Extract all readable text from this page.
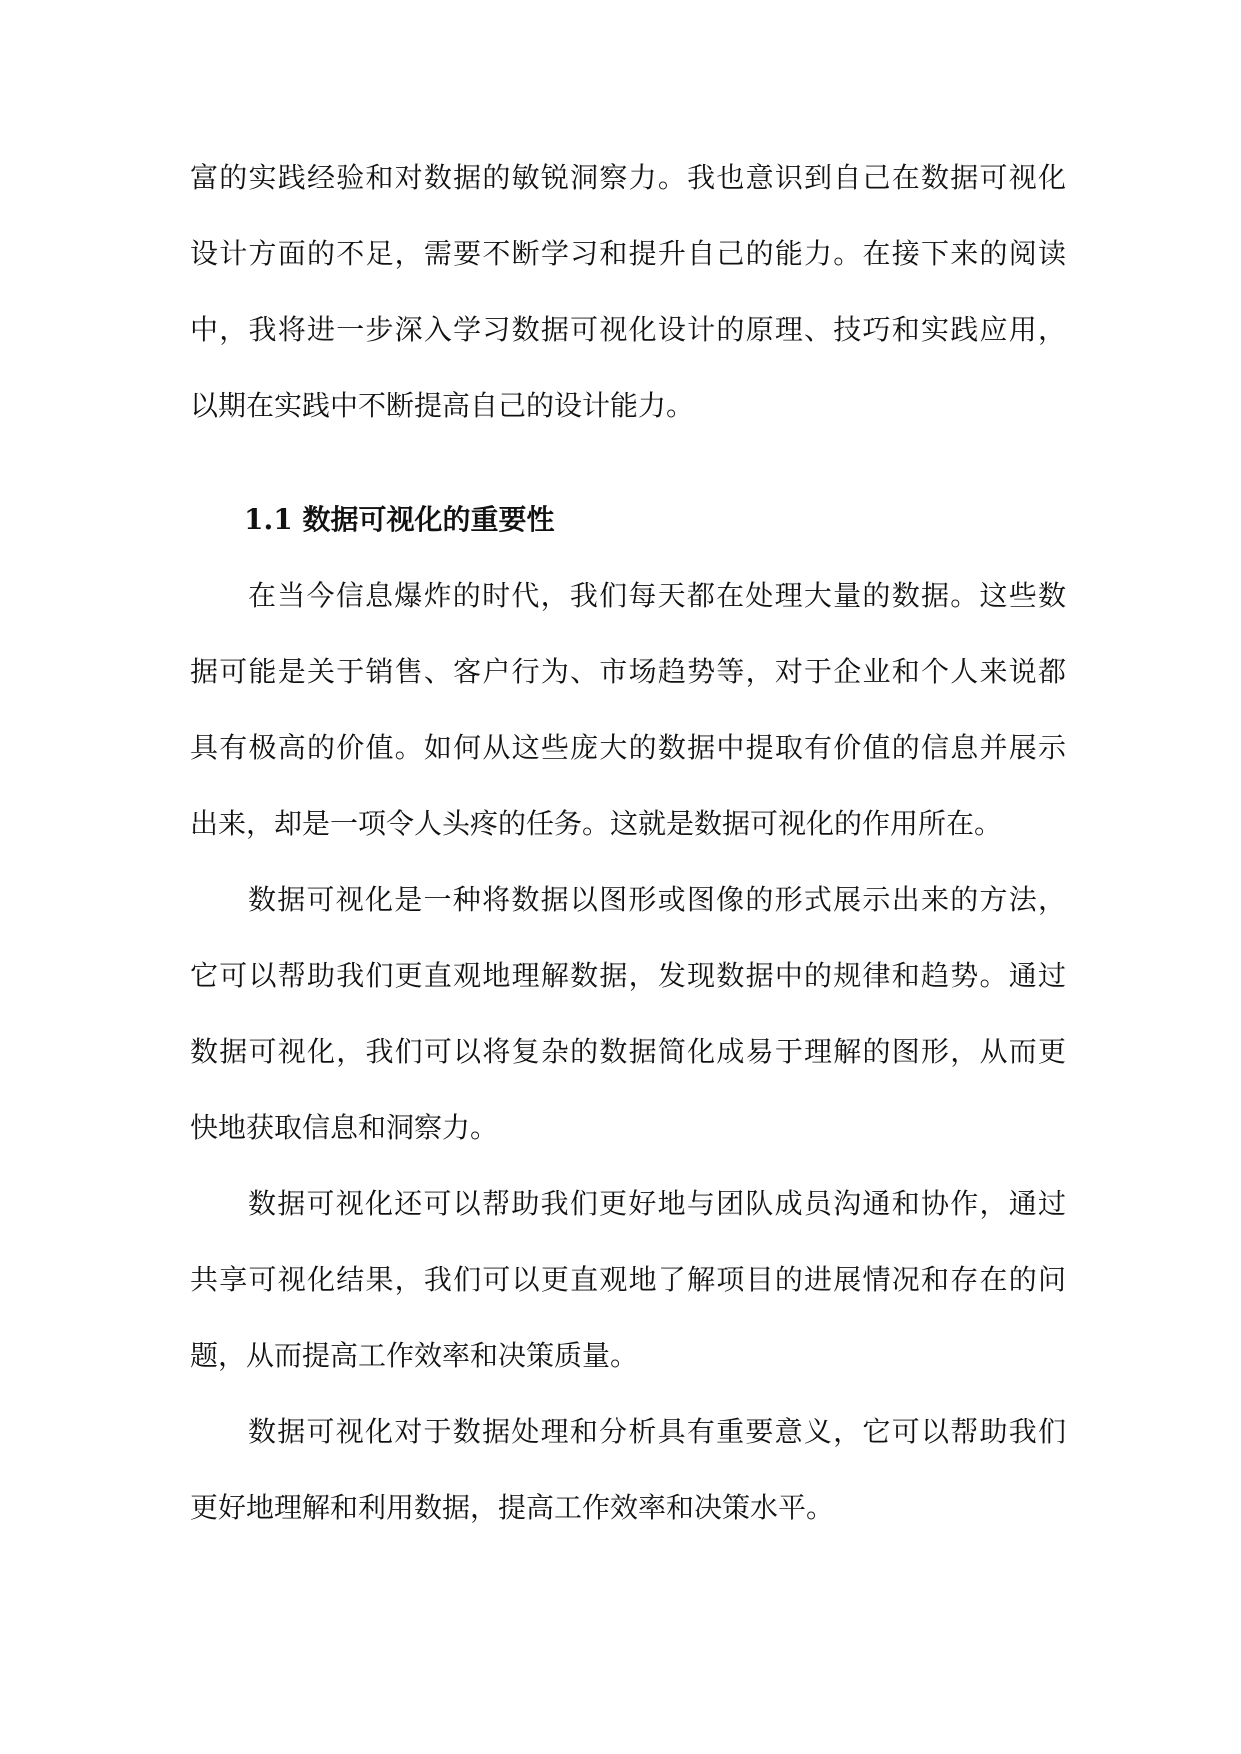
富的实践经验和对数据的敏锐洞察力。我也意识到自己在数据可视化
设计方面的不足，需要不断学习和提升自己的能力。在接下来的阅读
中，我将进一步深入学习数据可视化设计的原理、技巧和实践应用，
以期在实践中不断提高自己的设计能力。
1.1 数据可视化的重要性
在当今信息爆炸的时代，我们每天都在处理大量的数据。这些数
据可能是关于销售、客户行为、市场趋势等，对于企业和个人来说都
具有极高的价值。如何从这些庞大的数据中提取有价值的信息并展示
出来，却是一项令人头疼的任务。这就是数据可视化的作用所在。
数据可视化是一种将数据以图形或图像的形式展示出来的方法，
它可以帮助我们更直观地理解数据，发现数据中的规律和趋势。通过
数据可视化，我们可以将复杂的数据简化成易于理解的图形，从而更
快地获取信息和洞察力。
数据可视化还可以帮助我们更好地与团队成员沟通和协作，通过
共享可视化结果，我们可以更直观地了解项目的进展情况和存在的问
题，从而提高工作效率和决策质量。
数据可视化对于数据处理和分析具有重要意义，它可以帮助我们
更好地理解和利用数据，提高工作效率和决策水平。
